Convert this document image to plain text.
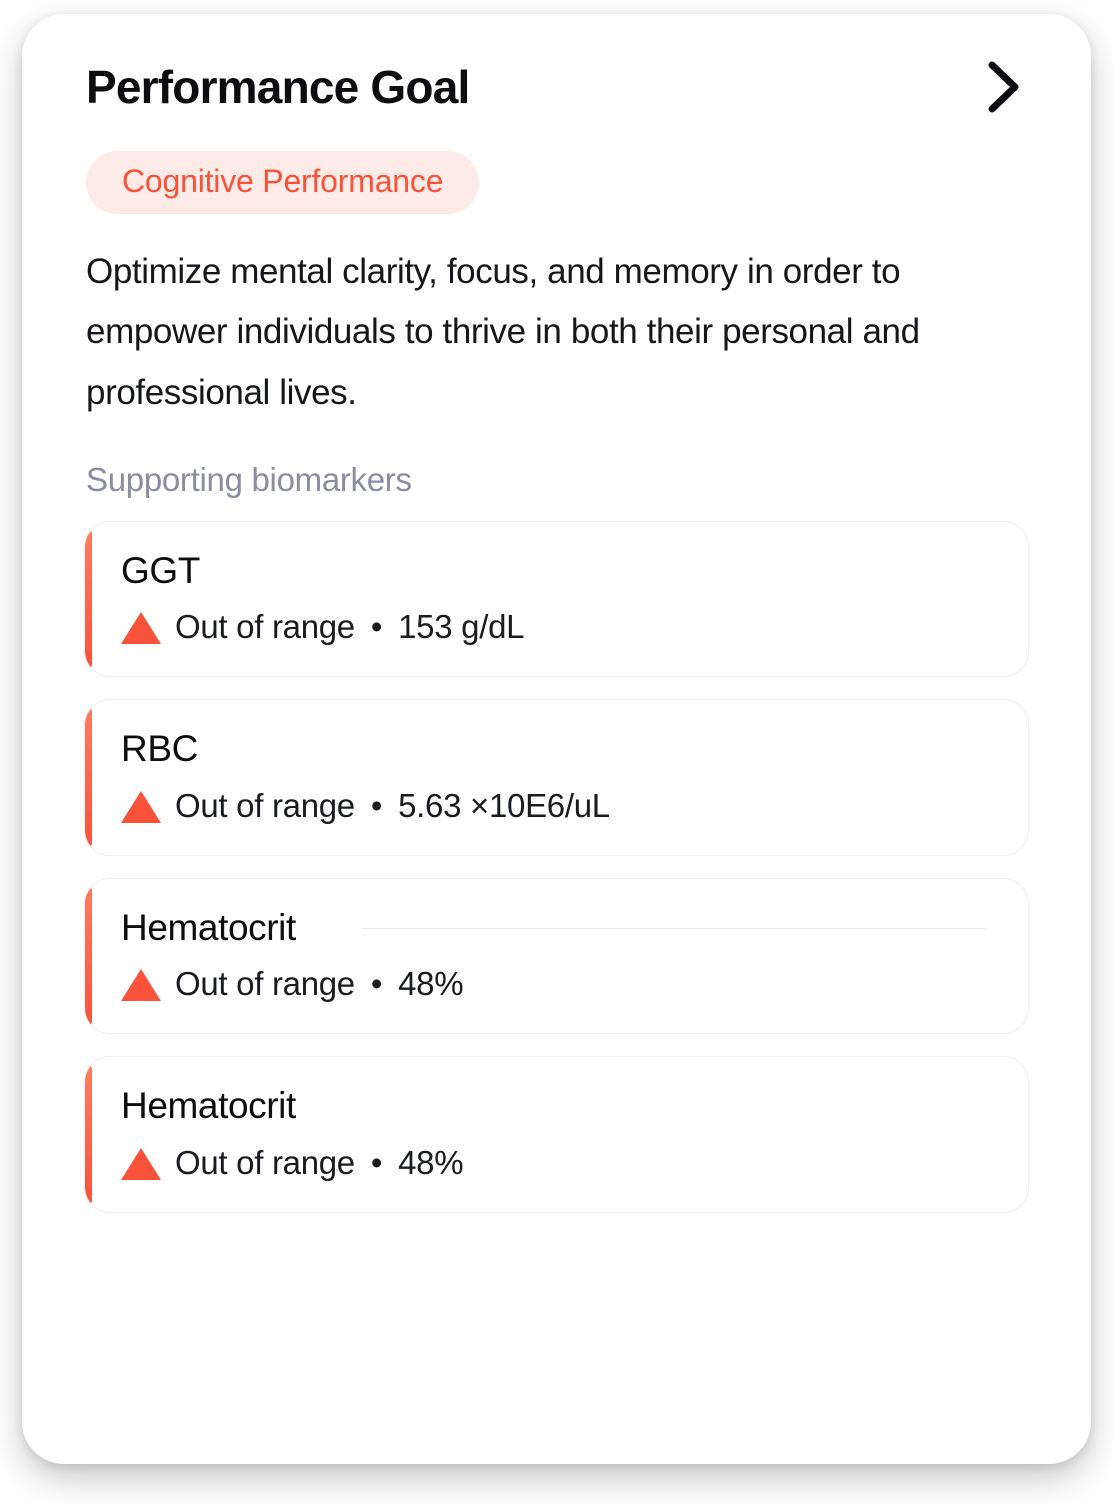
Performance Goal
Cognitive Performance
Optimize mental clarity, focus, and memory in order to empower individuals to thrive in both their personal and professional lives.
Supporting biomarkers
GGT
Out of range • 153 g/dL
RBC
Out of range • 5.63 ×10E6/uL
Hematocrit
Out of range • 48%
Hematocrit
Out of range • 48%
